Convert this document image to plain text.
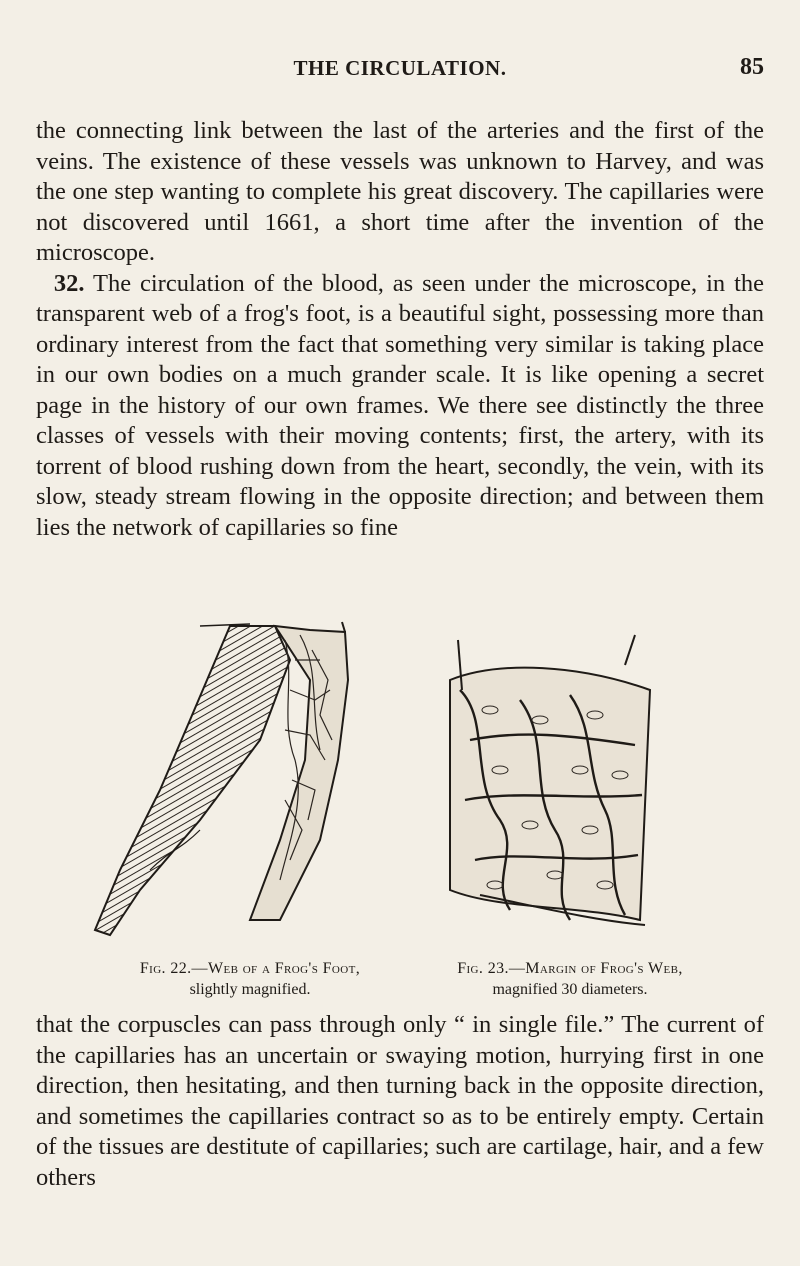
THE CIRCULATION.	85

the connecting link between the last of the arteries and the first of the veins. The existence of these vessels was unknown to Harvey, and was the one step wanting to complete his great discovery. The capillaries were not discovered until 1661, a short time after the invention of the microscope.

32. The circulation of the blood, as seen under the microscope, in the transparent web of a frog's foot, is a beautiful sight, possessing more than ordinary interest from the fact that something very similar is taking place in our own bodies on a much grander scale. It is like opening a secret page in the history of our own frames. We there see distinctly the three classes of vessels with their moving contents; first, the artery, with its torrent of blood rushing down from the heart, secondly, the vein, with its slow, steady stream flowing in the opposite direction; and between them lies the network of capillaries so fine

Fig. 22.—Web of a Frog's Foot,
slightly magnified.
Fig. 23.—Margin of Frog's Web,
magnified 30 diameters.

that the corpuscles can pass through only “ in single file.” The current of the capillaries has an uncertain or swaying motion, hurrying first in one direction, then hesitating, and then turning back in the opposite direction, and sometimes the capillaries contract so as to be entirely empty. Certain of the tissues are destitute of capillaries; such are cartilage, hair, and a few others
